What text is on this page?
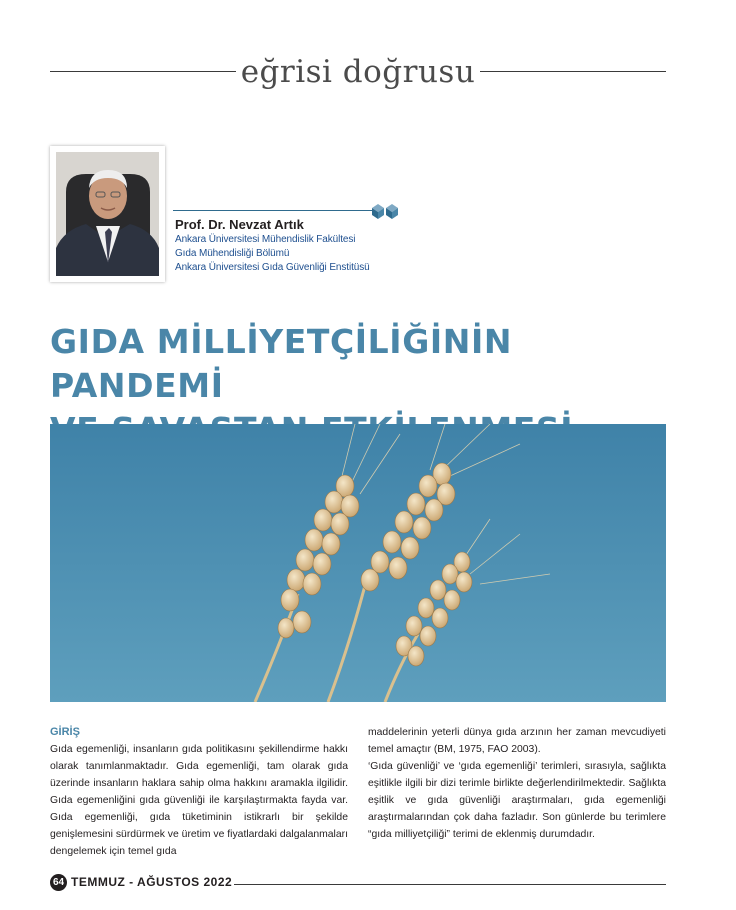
eğrisi doğrusu
Prof. Dr. Nevzat Artık
Ankara Üniversitesi Mühendislik Fakültesi
Gıda Mühendisliği Bölümü
Ankara Üniversitesi Gıda Güvenliği Enstitüsü
GIDA MİLLİYETÇİLİĞİNİN PANDEMİ
GİRİŞ

Gıda egemenliği, insanların gıda politikasını şekillendirme hakkı olarak tanımlanmaktadır. Gıda egemenliği, tam olarak gıda üzerinde insanların haklara sahip olma hakkını aramakla ilgilidir. Gıda egemenliğini gıda güvenliği ile karşılaştırmakta fayda var. Gıda egemenliği, gıda tüketiminin istikrarlı bir şekilde genişlemesini sürdürmek ve üretim ve fiyatlardaki dalgalanmaları dengelemek için temel gıda

maddelerinin yeterli dünya gıda arzının her zaman mevcudiyeti temel amaçtır (BM, 1975, FAO 2003).

‘Gıda güvenliği’ ve ‘gıda egemenliği’ terimleri, sırasıyla, sağlıkta eşitlikle ilgili bir dizi terimle birlikte değerlendirilmektedir. Sağlıkta eşitlik ve gıda güvenliği araştırmaları, gıda egemenliği araştırmalarından çok daha fazladır. Son günlerde bu terimlere “gıda milliyetçiliği” terimi de eklenmiş durumdadır.

64 TEMMUZ - AĞUSTOS 2022
